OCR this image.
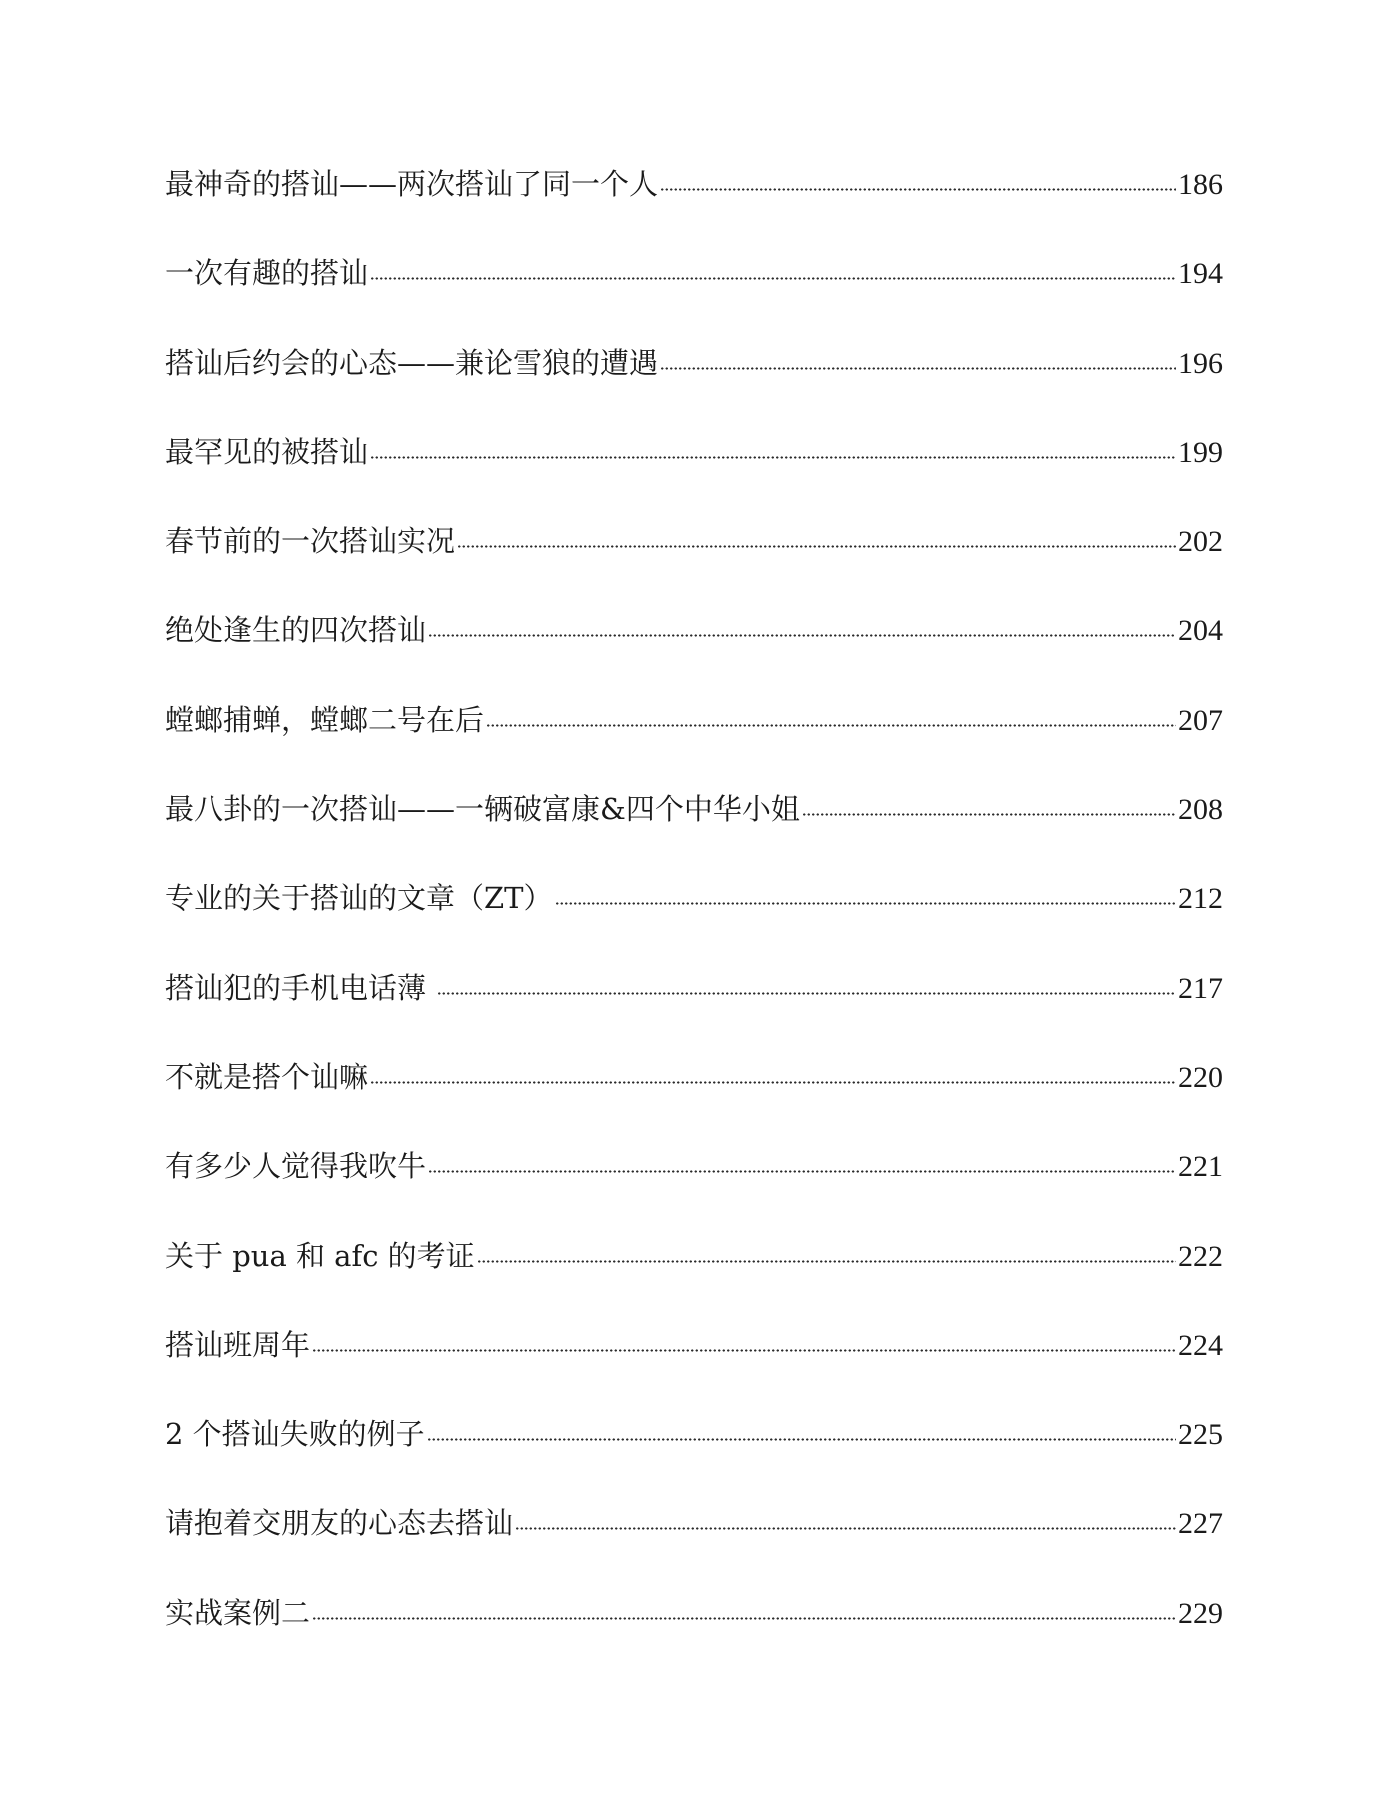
最神奇的搭讪——两次搭讪了同一个人	186
一次有趣的搭讪	194
搭讪后约会的心态——兼论雪狼的遭遇	196
最罕见的被搭讪	199
春节前的一次搭讪实况	202
绝处逢生的四次搭讪	204
螳螂捕蝉，螳螂二号在后	207
最八卦的一次搭讪——一辆破富康&四个中华小姐	208
专业的关于搭讪的文章（ZT）	212
搭讪犯的手机电话薄	217
不就是搭个讪嘛	220
有多少人觉得我吹牛	221
关于 pua 和 afc 的考证	222
搭讪班周年	224
2 个搭讪失败的例子	225
请抱着交朋友的心态去搭讪	227
实战案例二	229
